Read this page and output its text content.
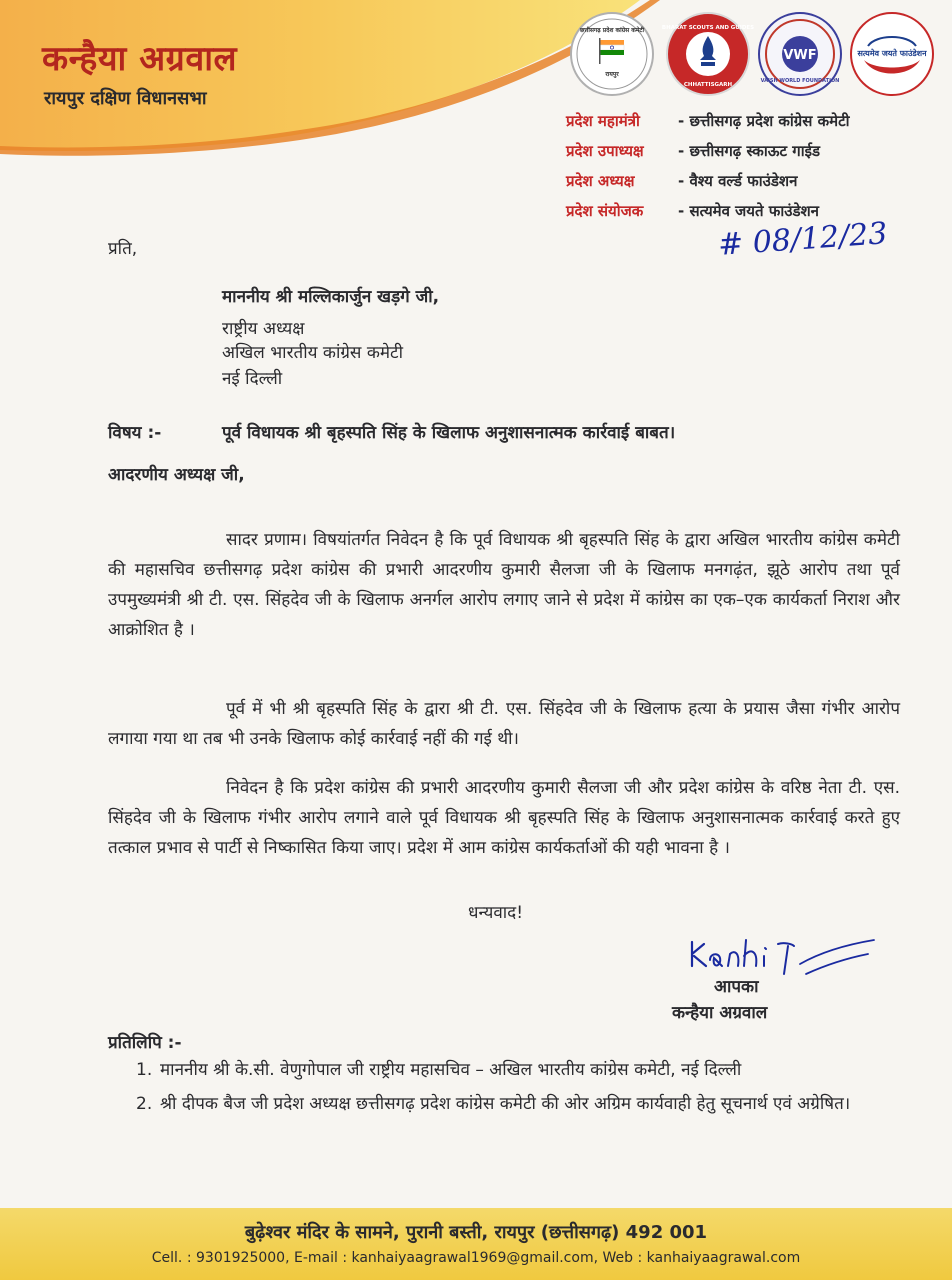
कन्हैया अग्रवाल
रायपुर दक्षिण विधानसभा
छत्तीसगढ़ प्रदेश कांग्रेस कमेटी
रायपुर
BHARAT SCOUTS AND GUIDES
CHHATTISGARH
VWF
VAISH WORLD FOUNDATION
सत्यमेव जयते फाउंडेशन
प्रदेश महामंत्री	- छत्तीसगढ़ प्रदेश कांग्रेस कमेटी
प्रदेश उपाध्यक्ष	- छत्तीसगढ़ स्काऊट गाईड
प्रदेश अध्यक्ष	- वैश्य वर्ल्ड फाउंडेशन
प्रदेश संयोजक	- सत्यमेव जयते फाउंडेशन
# 08/12/23
प्रति,
माननीय श्री मल्लिकार्जुन खड़गे जी,
राष्ट्रीय अध्यक्ष
अखिल भारतीय कांग्रेस कमेटी
नई दिल्ली
विषय :-	पूर्व विधायक श्री बृहस्पति सिंह के खिलाफ अनुशासनात्मक कार्रवाई बाबत।
आदरणीय अध्यक्ष जी,

सादर प्रणाम। विषयांतर्गत निवेदन है कि पूर्व विधायक श्री बृहस्पति सिंह के द्वारा अखिल भारतीय कांग्रेस कमेटी की महासचिव छत्तीसगढ़ प्रदेश कांग्रेस की प्रभारी आदरणीय कुमारी सैलजा जी के खिलाफ मनगढ़ंत, झूठे आरोप तथा पूर्व उपमुख्यमंत्री श्री टी. एस. सिंहदेव जी के खिलाफ अनर्गल आरोप लगाए जाने से प्रदेश में कांग्रेस का एक–एक कार्यकर्ता निराश और आक्रोशित है ।

पूर्व में भी श्री बृहस्पति सिंह के द्वारा श्री टी. एस. सिंहदेव जी के खिलाफ हत्या के प्रयास जैसा गंभीर आरोप लगाया गया था तब भी उनके खिलाफ कोई कार्रवाई नहीं की गई थी।

निवेदन है कि प्रदेश कांग्रेस की प्रभारी आदरणीय कुमारी सैलजा जी और प्रदेश कांग्रेस के वरिष्ठ नेता टी. एस. सिंहदेव जी के खिलाफ गंभीर आरोप लगाने वाले पूर्व विधायक श्री बृहस्पति सिंह के खिलाफ अनुशासनात्मक कार्रवाई करते हुए तत्काल प्रभाव से पार्टी से निष्कासित किया जाए। प्रदेश में आम कांग्रेस कार्यकर्ताओं की यही भावना है ।

धन्यवाद!
Kanhiya
आपका
कन्हैया अग्रवाल
प्रतिलिपि :-
1. माननीय श्री के.सी. वेणुगोपाल जी राष्ट्रीय महासचिव – अखिल भारतीय कांग्रेस कमेटी, नई दिल्ली
2. श्री दीपक बैज जी प्रदेश अध्यक्ष छत्तीसगढ़ प्रदेश कांग्रेस कमेटी की ओर अग्रिम कार्यवाही हेतु सूचनार्थ एवं अग्रेषित।
बुढ़ेश्वर मंदिर के सामने, पुरानी बस्ती, रायपुर (छत्तीसगढ़) 492 001
Cell. : 9301925000, E-mail : kanhaiyaagrawal1969@gmail.com, Web : kanhaiyaagrawal.com
